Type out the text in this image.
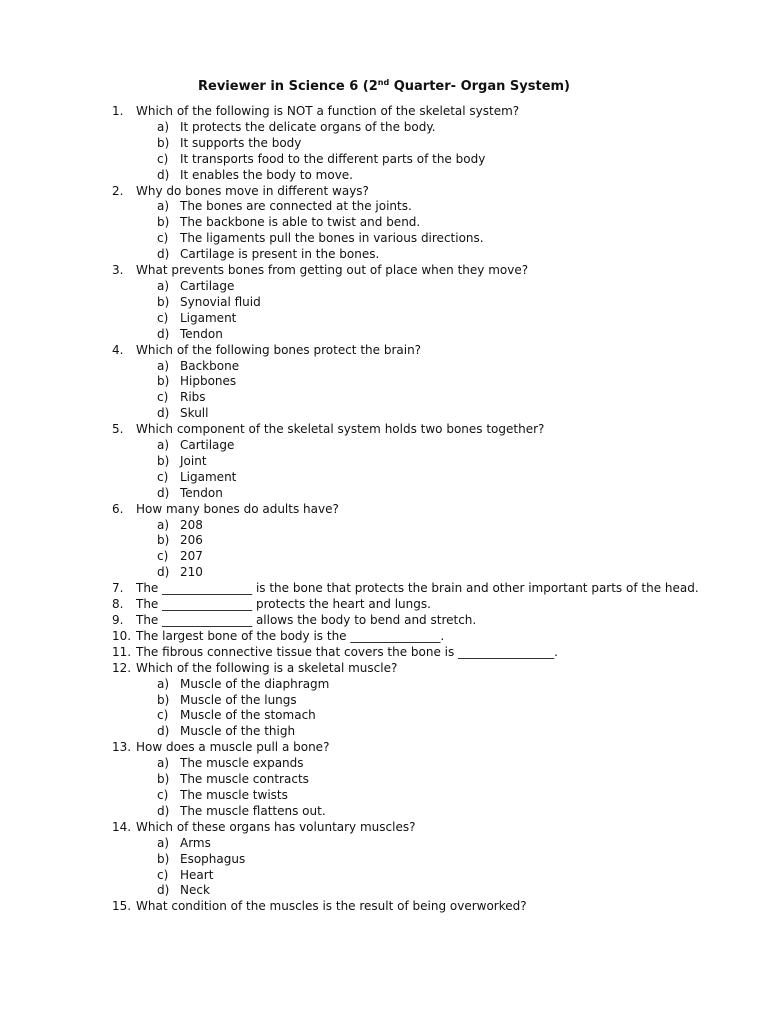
Reviewer in Science 6 (2nd Quarter- Organ System)
1. Which of the following is NOT a function of the skeletal system?
a) It protects the delicate organs of the body.
b) It supports the body
c) It transports food to the different parts of the body
d) It enables the body to move.
2. Why do bones move in different ways?
a) The bones are connected at the joints.
b) The backbone is able to twist and bend.
c) The ligaments pull the bones in various directions.
d) Cartilage is present in the bones.
3. What prevents bones from getting out of place when they move?
a) Cartilage
b) Synovial fluid
c) Ligament
d) Tendon
4. Which of the following bones protect the brain?
a) Backbone
b) Hipbones
c) Ribs
d) Skull
5. Which component of the skeletal system holds two bones together?
a) Cartilage
b) Joint
c) Ligament
d) Tendon
6. How many bones do adults have?
a) 208
b) 206
c) 207
d) 210
7. The _______________ is the bone that protects the brain and other important parts of the head.
8. The _______________ protects the heart and lungs.
9. The _______________ allows the body to bend and stretch.
10. The largest bone of the body is the _______________.
11. The fibrous connective tissue that covers the bone is ________________.
12. Which of the following is a skeletal muscle?
a) Muscle of the diaphragm
b) Muscle of the lungs
c) Muscle of the stomach
d) Muscle of the thigh
13. How does a muscle pull a bone?
a) The muscle expands
b) The muscle contracts
c) The muscle twists
d) The muscle flattens out.
14. Which of these organs has voluntary muscles?
a) Arms
b) Esophagus
c) Heart
d) Neck
15. What condition of the muscles is the result of being overworked?
